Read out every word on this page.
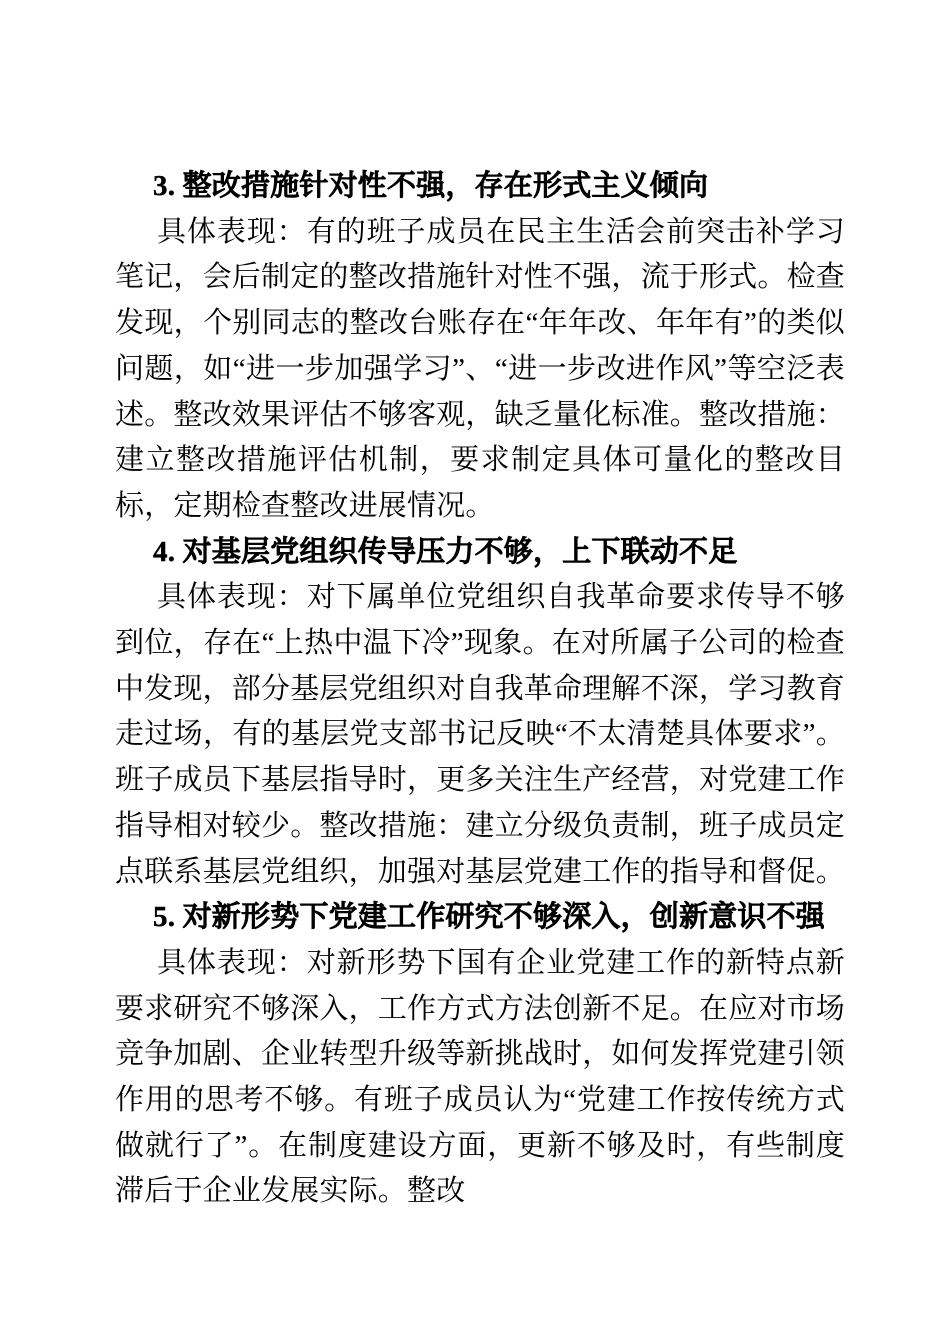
3. 整改措施针对性不强，存在形式主义倾向

具体表现：有的班子成员在民主生活会前突击补学习笔记，会后制定的整改措施针对性不强，流于形式。检查发现，个别同志的整改台账存在“年年改、年年有”的类似问题，如“进一步加强学习”、“进一步改进作风”等空泛表述。整改效果评估不够客观，缺乏量化标准。整改措施：建立整改措施评估机制，要求制定具体可量化的整改目标，定期检查整改进展情况。

4. 对基层党组织传导压力不够，上下联动不足

具体表现：对下属单位党组织自我革命要求传导不够到位，存在“上热中温下冷”现象。在对所属子公司的检查中发现，部分基层党组织对自我革命理解不深，学习教育走过场，有的基层党支部书记反映“不太清楚具体要求”。班子成员下基层指导时，更多关注生产经营，对党建工作指导相对较少。整改措施：建立分级负责制，班子成员定点联系基层党组织，加强对基层党建工作的指导和督促。

5. 对新形势下党建工作研究不够深入，创新意识不强

具体表现：对新形势下国有企业党建工作的新特点新要求研究不够深入，工作方式方法创新不足。在应对市场竞争加剧、企业转型升级等新挑战时，如何发挥党建引领作用的思考不够。有班子成员认为“党建工作按传统方式做就行了”。在制度建设方面，更新不够及时，有些制度滞后于企业发展实际。整改
